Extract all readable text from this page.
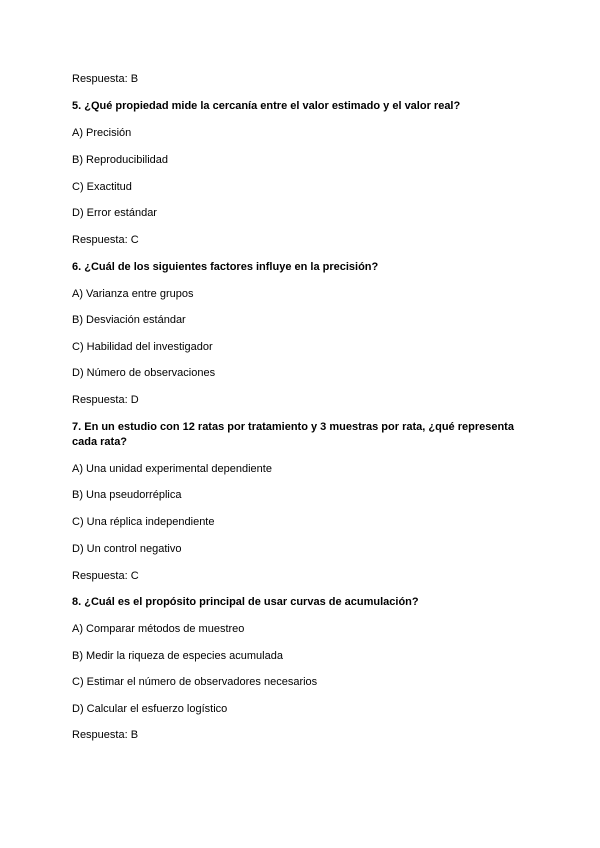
Respuesta: B
5. ¿Qué propiedad mide la cercanía entre el valor estimado y el valor real?
A) Precisión
B) Reproducibilidad
C) Exactitud
D) Error estándar
Respuesta: C
6. ¿Cuál de los siguientes factores influye en la precisión?
A) Varianza entre grupos
B) Desviación estándar
C) Habilidad del investigador
D) Número de observaciones
Respuesta: D
7. En un estudio con 12 ratas por tratamiento y 3 muestras por rata, ¿qué representa cada rata?
A) Una unidad experimental dependiente
B) Una pseudorréplica
C) Una réplica independiente
D) Un control negativo
Respuesta: C
8. ¿Cuál es el propósito principal de usar curvas de acumulación?
A) Comparar métodos de muestreo
B) Medir la riqueza de especies acumulada
C) Estimar el número de observadores necesarios
D) Calcular el esfuerzo logístico
Respuesta: B
